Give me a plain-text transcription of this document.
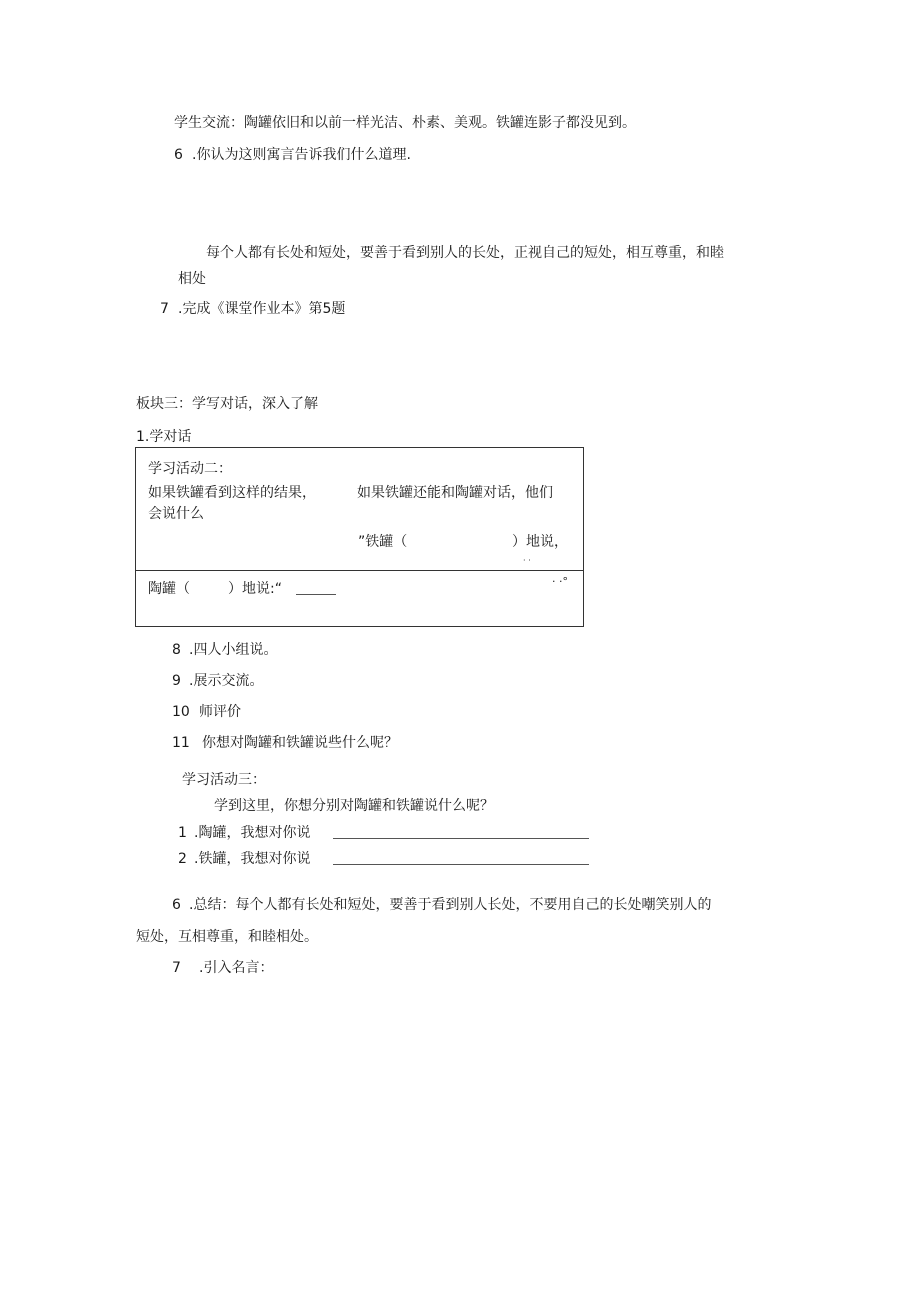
学生交流：陶罐依旧和以前一样光洁、朴素、美观。铁罐连影子都没见到。
6 .你认为这则寓言告诉我们什么道理.
每个人都有长处和短处，要善于看到别人的长处，正视自己的短处，相互尊重，和睦
相处
7 .完成《课堂作业本》第5题
板块三：学写对话，深入了解
1.学对话
学习活动二：
如果铁罐看到这样的结果，	如果铁罐还能和陶罐对话，他们
会说什么
”铁罐（	）地说，
· ·
陶罐（	）地说:“	· ·°
8 .四人小组说。
9 .展示交流。
10 师评价
11 你想对陶罐和铁罐说些什么呢？
学习活动三：
学到这里，你想分别对陶罐和铁罐说什么呢？
1 .陶罐，我想对你说
2 .铁罐，我想对你说
6 .总结：每个人都有长处和短处，要善于看到别人长处，不要用自己的长处嘲笑别人的
短处，互相尊重，和睦相处。
7 .引入名言：
